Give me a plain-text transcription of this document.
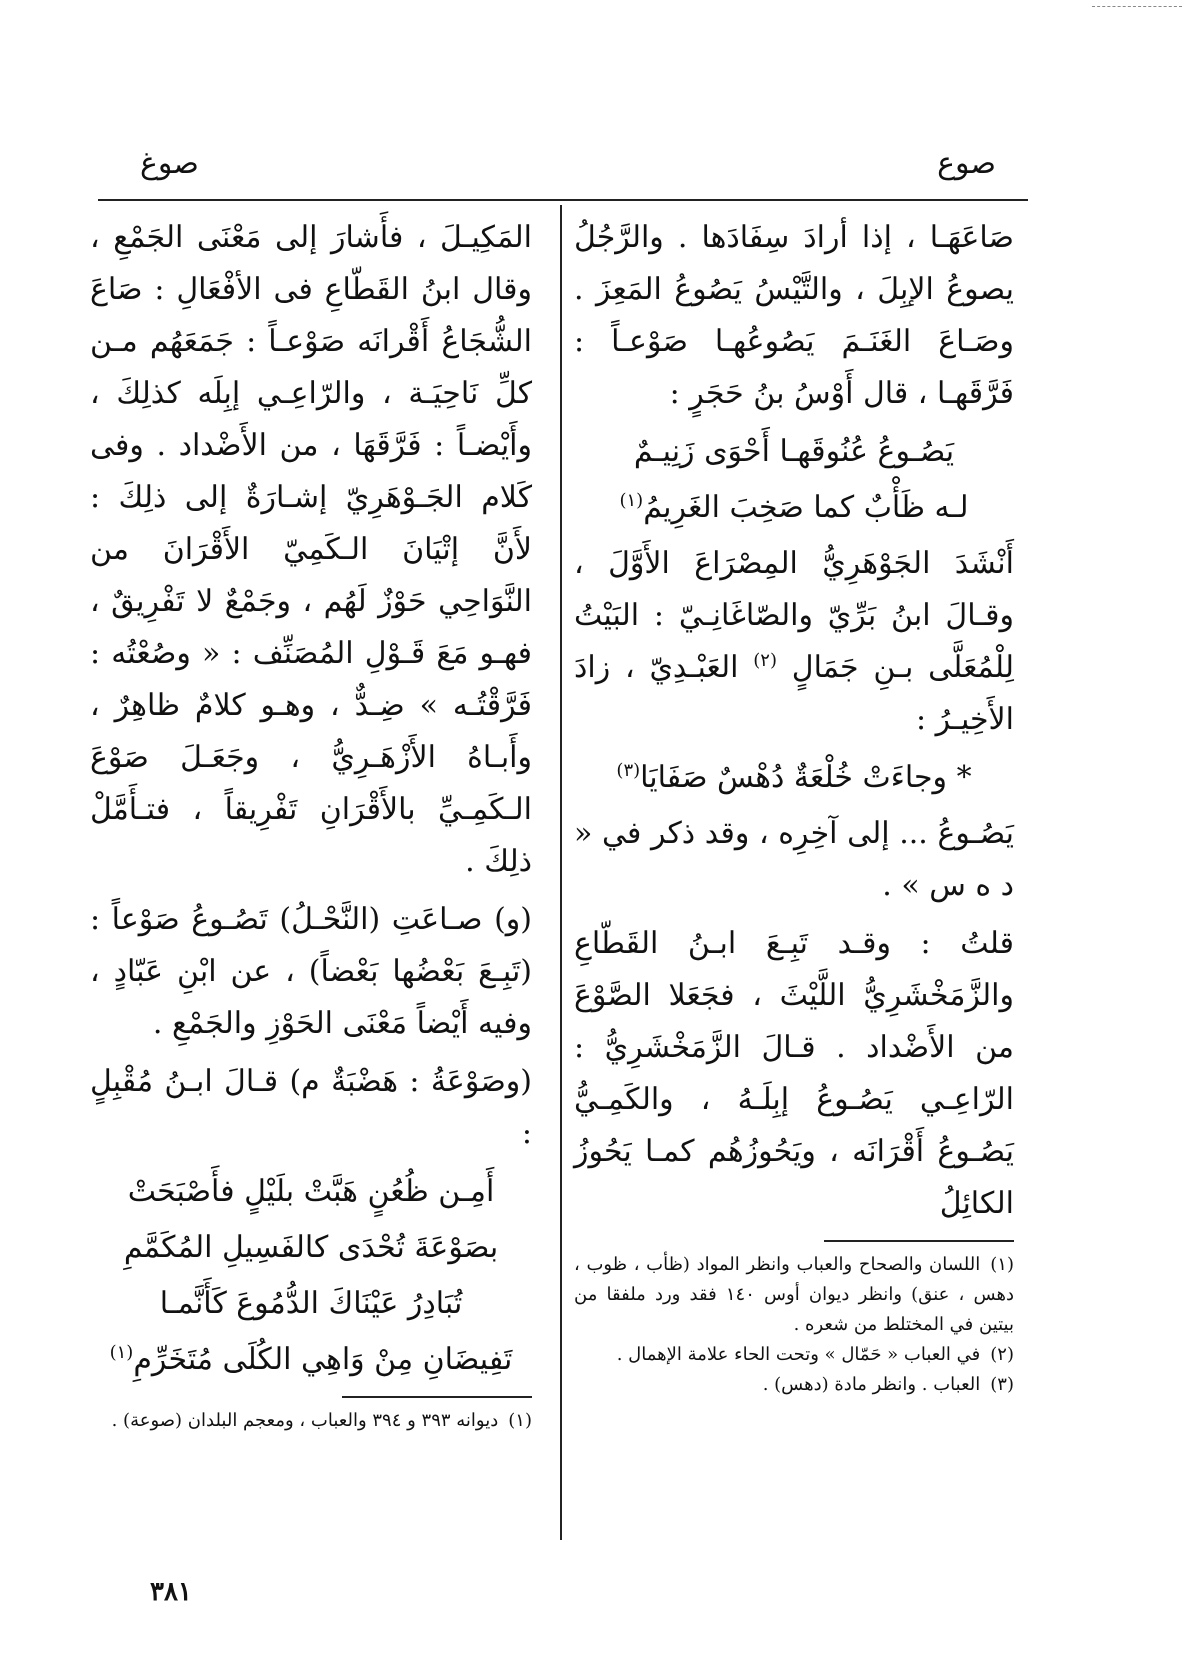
صوع
صوغ

صَاعَهَـا ، إذا أرادَ سِفَادَها . والرَّجُلُ يصوعُ الإبِلَ ، والتَّيْسُ يَصُوعُ المَعِزَ . وصَـاعَ الغَنَـمَ يَصُوعُهـا صَوْعـاً : فَرَّقَهـا ، قال أَوْسُ بنُ حَجَرٍ :

يَصُـوعُ عُنُوقَهـا أَحْوَى زَنِيـمٌ
لـه ظَأْبٌ كما صَخِبَ الغَرِيمُ$^{(١)}$

أَنْشَدَ الجَوْهَرِيُّ المِصْرَاعَ الأَوَّلَ ، وقـالَ ابنُ بَرِّيّ والصّاغَانِـيّ : البَيْتُ لِلْمُعَلَّى بـنِ جَمَالٍ $^{(٢)}$ العَبْـدِيّ ، زادَ الأَخِيـرُ :

* وجاءَتْ خُلْعَةٌ دُهْسٌ صَفَايَا$^{(٣)}$

يَصُـوعُ ... إلى آخِرِه ، وقد ذكر في « د ه س » .

قلتُ : وقـد تَبِـعَ ابـنُ القَطّاعِ والزَّمَخْشَرِيُّ اللَّيْثَ ، فجَعَلا الصَّوْعَ من الأَضْداد . قـالَ الزَّمَخْشَرِيُّ : الرّاعِـي يَصُـوعُ إبِلَـهُ ، والكَمِـيُّ يَصُـوعُ أَقْرَانَه ، ويَحُوزُهُم كمـا يَحُوزُ الكائِلُ

(١)اللسان والصحاح والعباب وانظر المواد (ظأب ، ظوب ، دهس ، عنق) وانظر ديوان أوس ١٤٠ فقد ورد ملفقا من بيتين في المختلط من شعره .

(٢)في العباب « حَمّال » وتحت الحاء علامة الإهمال .

(٣)العباب . وانظر مادة (دهس) .

المَكِيـلَ ، فأَشارَ إلى مَعْنَى الجَمْعِ ، وقال ابنُ القَطّاعِ فى الأفْعَالِ : صَاعَ الشُّجَاعُ أَقْرانَه صَوْعـاً : جَمَعَهُم مـن كلِّ نَاحِيَـة ، والرّاعِـي إبِلَه كذلِكَ ، وأَيْضـاً : فَرَّقَهَا ، من الأَضْداد . وفى كَلام الجَـوْهَرِيّ إشـارَةٌ إلى ذلِكَ : لأَنَّ إتْيَانَ الـكَمِيّ الأَقْرَانَ من النَّوَاحِي حَوْزٌ لَهُم ، وجَمْعٌ لا تَفْرِيقٌ ، فهـو مَعَ قَـوْلِ المُصَنِّف : « وصُعْتُه : فَرَّقْتُـه » ضِـدٌّ ، وهـو كلامٌ ظاهِرٌ ، وأَبـاهُ الأَزْهَـرِيُّ ، وجَعَـلَ صَوْعَ الـكَمِـيِّ بالأَقْرَانِ تَفْرِيقاً ، فتـأَمَّلْ ذلِكَ .

(و) صـاعَتِ (النَّحْـلُ) تَصُـوعُ صَوْعاً : (تَبِـعَ بَعْضُها بَعْضاً) ، عن ابْنِ عَبّادٍ ، وفيه أَيْضاً مَعْنَى الحَوْزِ والجَمْعِ .

(وصَوْعَةُ : هَضْبَةٌ م) قـالَ ابـنُ مُقْبِلٍ :

أَمِـن ظُعُنٍ هَبَّتْ بلَيْلٍ فأَصْبَحَتْ
بصَوْعَةَ تُحْدَى كالفَسِيلِ المُكَمَّمِ
تُبَادِرُ عَيْنَاكَ الدُّمُوعَ كَأَنَّمـا
تَفِيضَانِ مِنْ وَاهِي الكُلَى مُتَخَرِّمِ$^{(١)}$

(١)ديوانه ٣٩٣ و ٣٩٤ والعباب ، ومعجم البلدان (صوعة) .

٣٨١
